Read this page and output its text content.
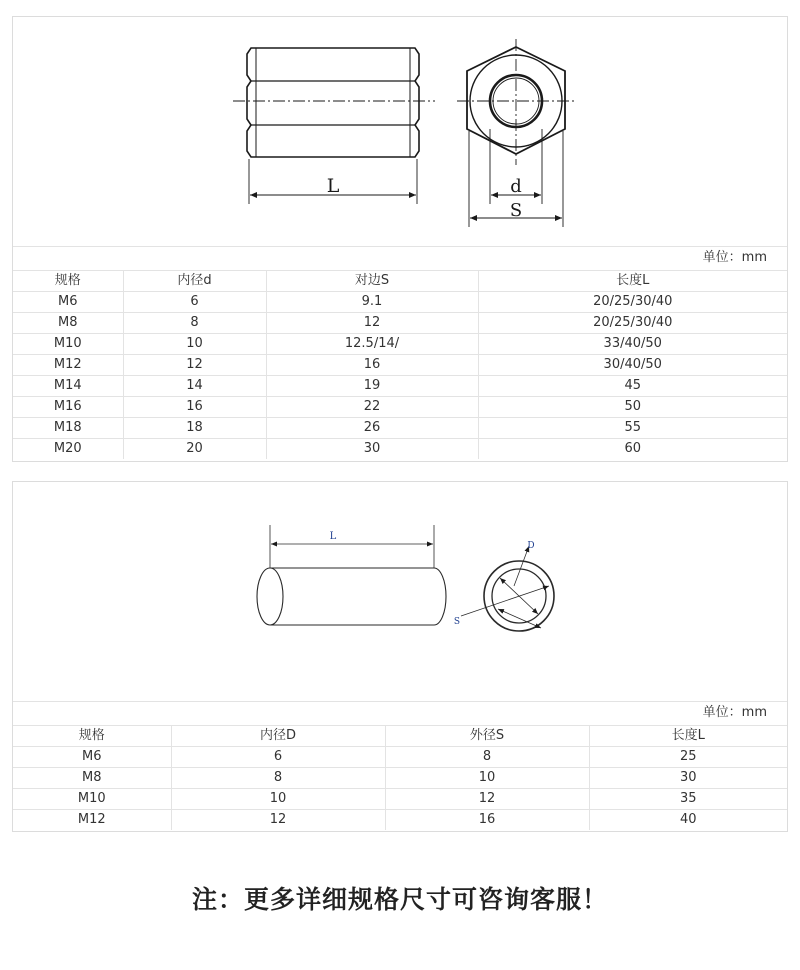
L	d
S
单位：mm
规格	内径d	对边S	长度L
M6	6	9.1	20/25/30/40
M8	8	12	20/25/30/40
M10	10	12.5/14/	33/40/50
M12	12	16	30/40/50
M14	14	19	45
M16	16	22	50
M18	18	26	55
M20	20	30	60
L
D
S
单位：mm
规格	内径D	外径S	长度L
M6	6	8	25
M8	8	10	30
M10	10	12	35
M12	12	16	40
注：更多详细规格尺寸可咨询客服！
